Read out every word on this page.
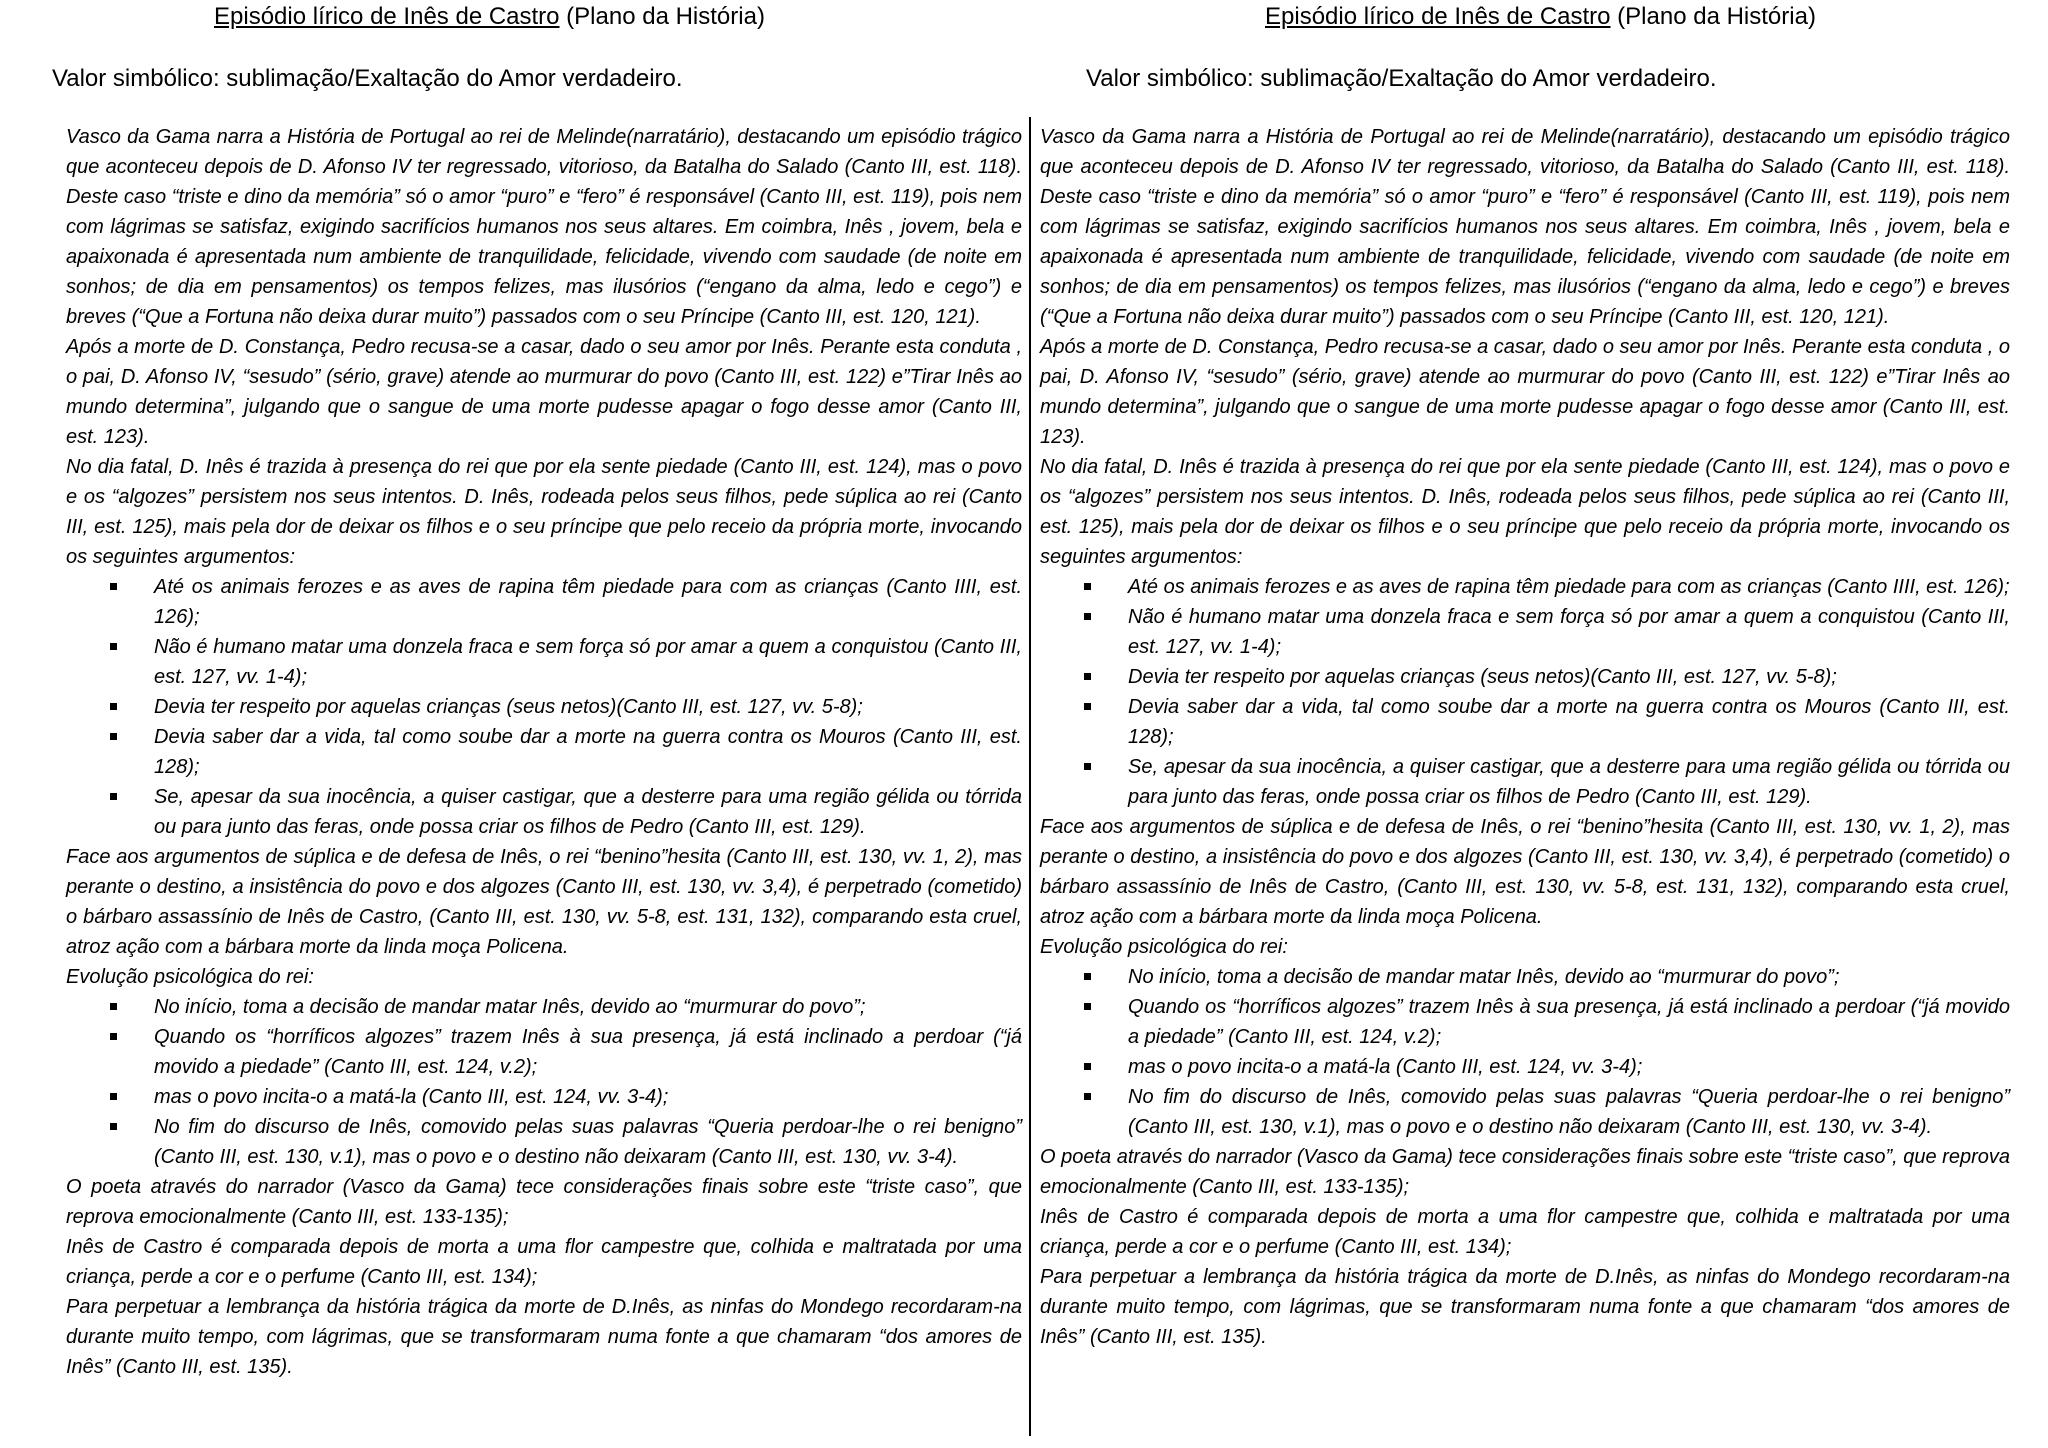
Episódio lírico de Inês de Castro (Plano da História)
Valor simbólico: sublimação/Exaltação do Amor verdadeiro.

Vasco da Gama narra a História de Portugal ao rei de Melinde(narratário), destacando um episódio trágico que aconteceu depois de D. Afonso IV ter regressado, vitorioso, da Batalha do Salado (Canto III, est. 118). Deste caso “triste e dino da memória” só o amor “puro” e “fero” é responsável (Canto III, est. 119), pois nem com lágrimas se satisfaz, exigindo sacrifícios humanos nos seus altares. Em coimbra, Inês , jovem, bela e apaixonada é apresentada num ambiente de tranquilidade, felicidade, vivendo com saudade (de noite em sonhos; de dia em pensamentos) os tempos felizes, mas ilusórios (“engano da alma, ledo e cego”) e breves (“Que a Fortuna não deixa durar muito”) passados com o seu Príncipe (Canto III, est. 120, 121).

Após a morte de D. Constança, Pedro recusa-se a casar, dado o seu amor por Inês. Perante esta conduta , o pai, D. Afonso IV, “sesudo” (sério, grave) atende ao murmurar do povo (Canto III, est. 122) e”Tirar Inês ao mundo determina”, julgando que o sangue de uma morte pudesse apagar o fogo desse amor (Canto III, est. 123).

No dia fatal, D. Inês é trazida à presença do rei que por ela sente piedade (Canto III, est. 124), mas o povo e os “algozes” persistem nos seus intentos. D. Inês, rodeada pelos seus filhos, pede súplica ao rei (Canto III, est. 125), mais pela dor de deixar os filhos e o seu príncipe que pelo receio da própria morte, invocando os seguintes argumentos:

Até os animais ferozes e as aves de rapina têm piedade para com as crianças (Canto IIII, est. 126);
Não é humano matar uma donzela fraca e sem força só por amar a quem a conquistou (Canto III, est. 127, vv. 1-4);
Devia ter respeito por aquelas crianças (seus netos)(Canto III, est. 127, vv. 5-8);
Devia saber dar a vida, tal como soube dar a morte na guerra contra os Mouros (Canto III, est. 128);
Se, apesar da sua inocência, a quiser castigar, que a desterre para uma região gélida ou tórrida ou para junto das feras, onde possa criar os filhos de Pedro (Canto III, est. 129).

Face aos argumentos de súplica e de defesa de Inês, o rei “benino”hesita (Canto III, est. 130, vv. 1, 2), mas perante o destino, a insistência do povo e dos algozes (Canto III, est. 130, vv. 3,4), é perpetrado (cometido) o bárbaro assassínio de Inês de Castro, (Canto III, est. 130, vv. 5-8, est. 131, 132), comparando esta cruel, atroz ação com a bárbara morte da linda moça Policena.

Evolução psicológica do rei:

No início, toma a decisão de mandar matar Inês, devido ao “murmurar do povo”;
Quando os “horríficos algozes” trazem Inês à sua presença, já está inclinado a perdoar (“já movido a piedade” (Canto III, est. 124, v.2);
mas o povo incita-o a matá-la (Canto III, est. 124, vv. 3-4);
No fim do discurso de Inês, comovido pelas suas palavras “Queria perdoar-lhe o rei benigno” (Canto III, est. 130, v.1), mas o povo e o destino não deixaram (Canto III, est. 130, vv. 3-4).

O poeta através do narrador (Vasco da Gama) tece considerações finais sobre este “triste caso”, que reprova emocionalmente (Canto III, est. 133-135);

Inês de Castro é comparada depois de morta a uma flor campestre que, colhida e maltratada por uma criança, perde a cor e o perfume (Canto III, est. 134);

Para perpetuar a lembrança da história trágica da morte de D.Inês, as ninfas do Mondego recordaram-na durante muito tempo, com lágrimas, que se transformaram numa fonte a que chamaram “dos amores de Inês” (Canto III, est. 135).

Episódio lírico de Inês de Castro (Plano da História)
Valor simbólico: sublimação/Exaltação do Amor verdadeiro.

Vasco da Gama narra a História de Portugal ao rei de Melinde(narratário), destacando um episódio trágico que aconteceu depois de D. Afonso IV ter regressado, vitorioso, da Batalha do Salado (Canto III, est. 118). Deste caso “triste e dino da memória” só o amor “puro” e “fero” é responsável (Canto III, est. 119), pois nem com lágrimas se satisfaz, exigindo sacrifícios humanos nos seus altares. Em coimbra, Inês , jovem, bela e apaixonada é apresentada num ambiente de tranquilidade, felicidade, vivendo com saudade (de noite em sonhos; de dia em pensamentos) os tempos felizes, mas ilusórios (“engano da alma, ledo e cego”) e breves (“Que a Fortuna não deixa durar muito”) passados com o seu Príncipe (Canto III, est. 120, 121).

Após a morte de D. Constança, Pedro recusa-se a casar, dado o seu amor por Inês. Perante esta conduta , o pai, D. Afonso IV, “sesudo” (sério, grave) atende ao murmurar do povo (Canto III, est. 122) e”Tirar Inês ao mundo determina”, julgando que o sangue de uma morte pudesse apagar o fogo desse amor (Canto III, est. 123).

No dia fatal, D. Inês é trazida à presença do rei que por ela sente piedade (Canto III, est. 124), mas o povo e os “algozes” persistem nos seus intentos. D. Inês, rodeada pelos seus filhos, pede súplica ao rei (Canto III, est. 125), mais pela dor de deixar os filhos e o seu príncipe que pelo receio da própria morte, invocando os seguintes argumentos:

Até os animais ferozes e as aves de rapina têm piedade para com as crianças (Canto IIII, est. 126);
Não é humano matar uma donzela fraca e sem força só por amar a quem a conquistou (Canto III, est. 127, vv. 1-4);
Devia ter respeito por aquelas crianças (seus netos)(Canto III, est. 127, vv. 5-8);
Devia saber dar a vida, tal como soube dar a morte na guerra contra os Mouros (Canto III, est. 128);
Se, apesar da sua inocência, a quiser castigar, que a desterre para uma região gélida ou tórrida ou para junto das feras, onde possa criar os filhos de Pedro (Canto III, est. 129).

Face aos argumentos de súplica e de defesa de Inês, o rei “benino”hesita (Canto III, est. 130, vv. 1, 2), mas perante o destino, a insistência do povo e dos algozes (Canto III, est. 130, vv. 3,4), é perpetrado (cometido) o bárbaro assassínio de Inês de Castro, (Canto III, est. 130, vv. 5-8, est. 131, 132), comparando esta cruel, atroz ação com a bárbara morte da linda moça Policena.

Evolução psicológica do rei:

No início, toma a decisão de mandar matar Inês, devido ao “murmurar do povo”;
Quando os “horríficos algozes” trazem Inês à sua presença, já está inclinado a perdoar (“já movido a piedade” (Canto III, est. 124, v.2);
mas o povo incita-o a matá-la (Canto III, est. 124, vv. 3-4);
No fim do discurso de Inês, comovido pelas suas palavras “Queria perdoar-lhe o rei benigno” (Canto III, est. 130, v.1), mas o povo e o destino não deixaram (Canto III, est. 130, vv. 3-4).

O poeta através do narrador (Vasco da Gama) tece considerações finais sobre este “triste caso”, que reprova emocionalmente (Canto III, est. 133-135);

Inês de Castro é comparada depois de morta a uma flor campestre que, colhida e maltratada por uma criança, perde a cor e o perfume (Canto III, est. 134);

Para perpetuar a lembrança da história trágica da morte de D.Inês, as ninfas do Mondego recordaram-na durante muito tempo, com lágrimas, que se transformaram numa fonte a que chamaram “dos amores de Inês” (Canto III, est. 135).
